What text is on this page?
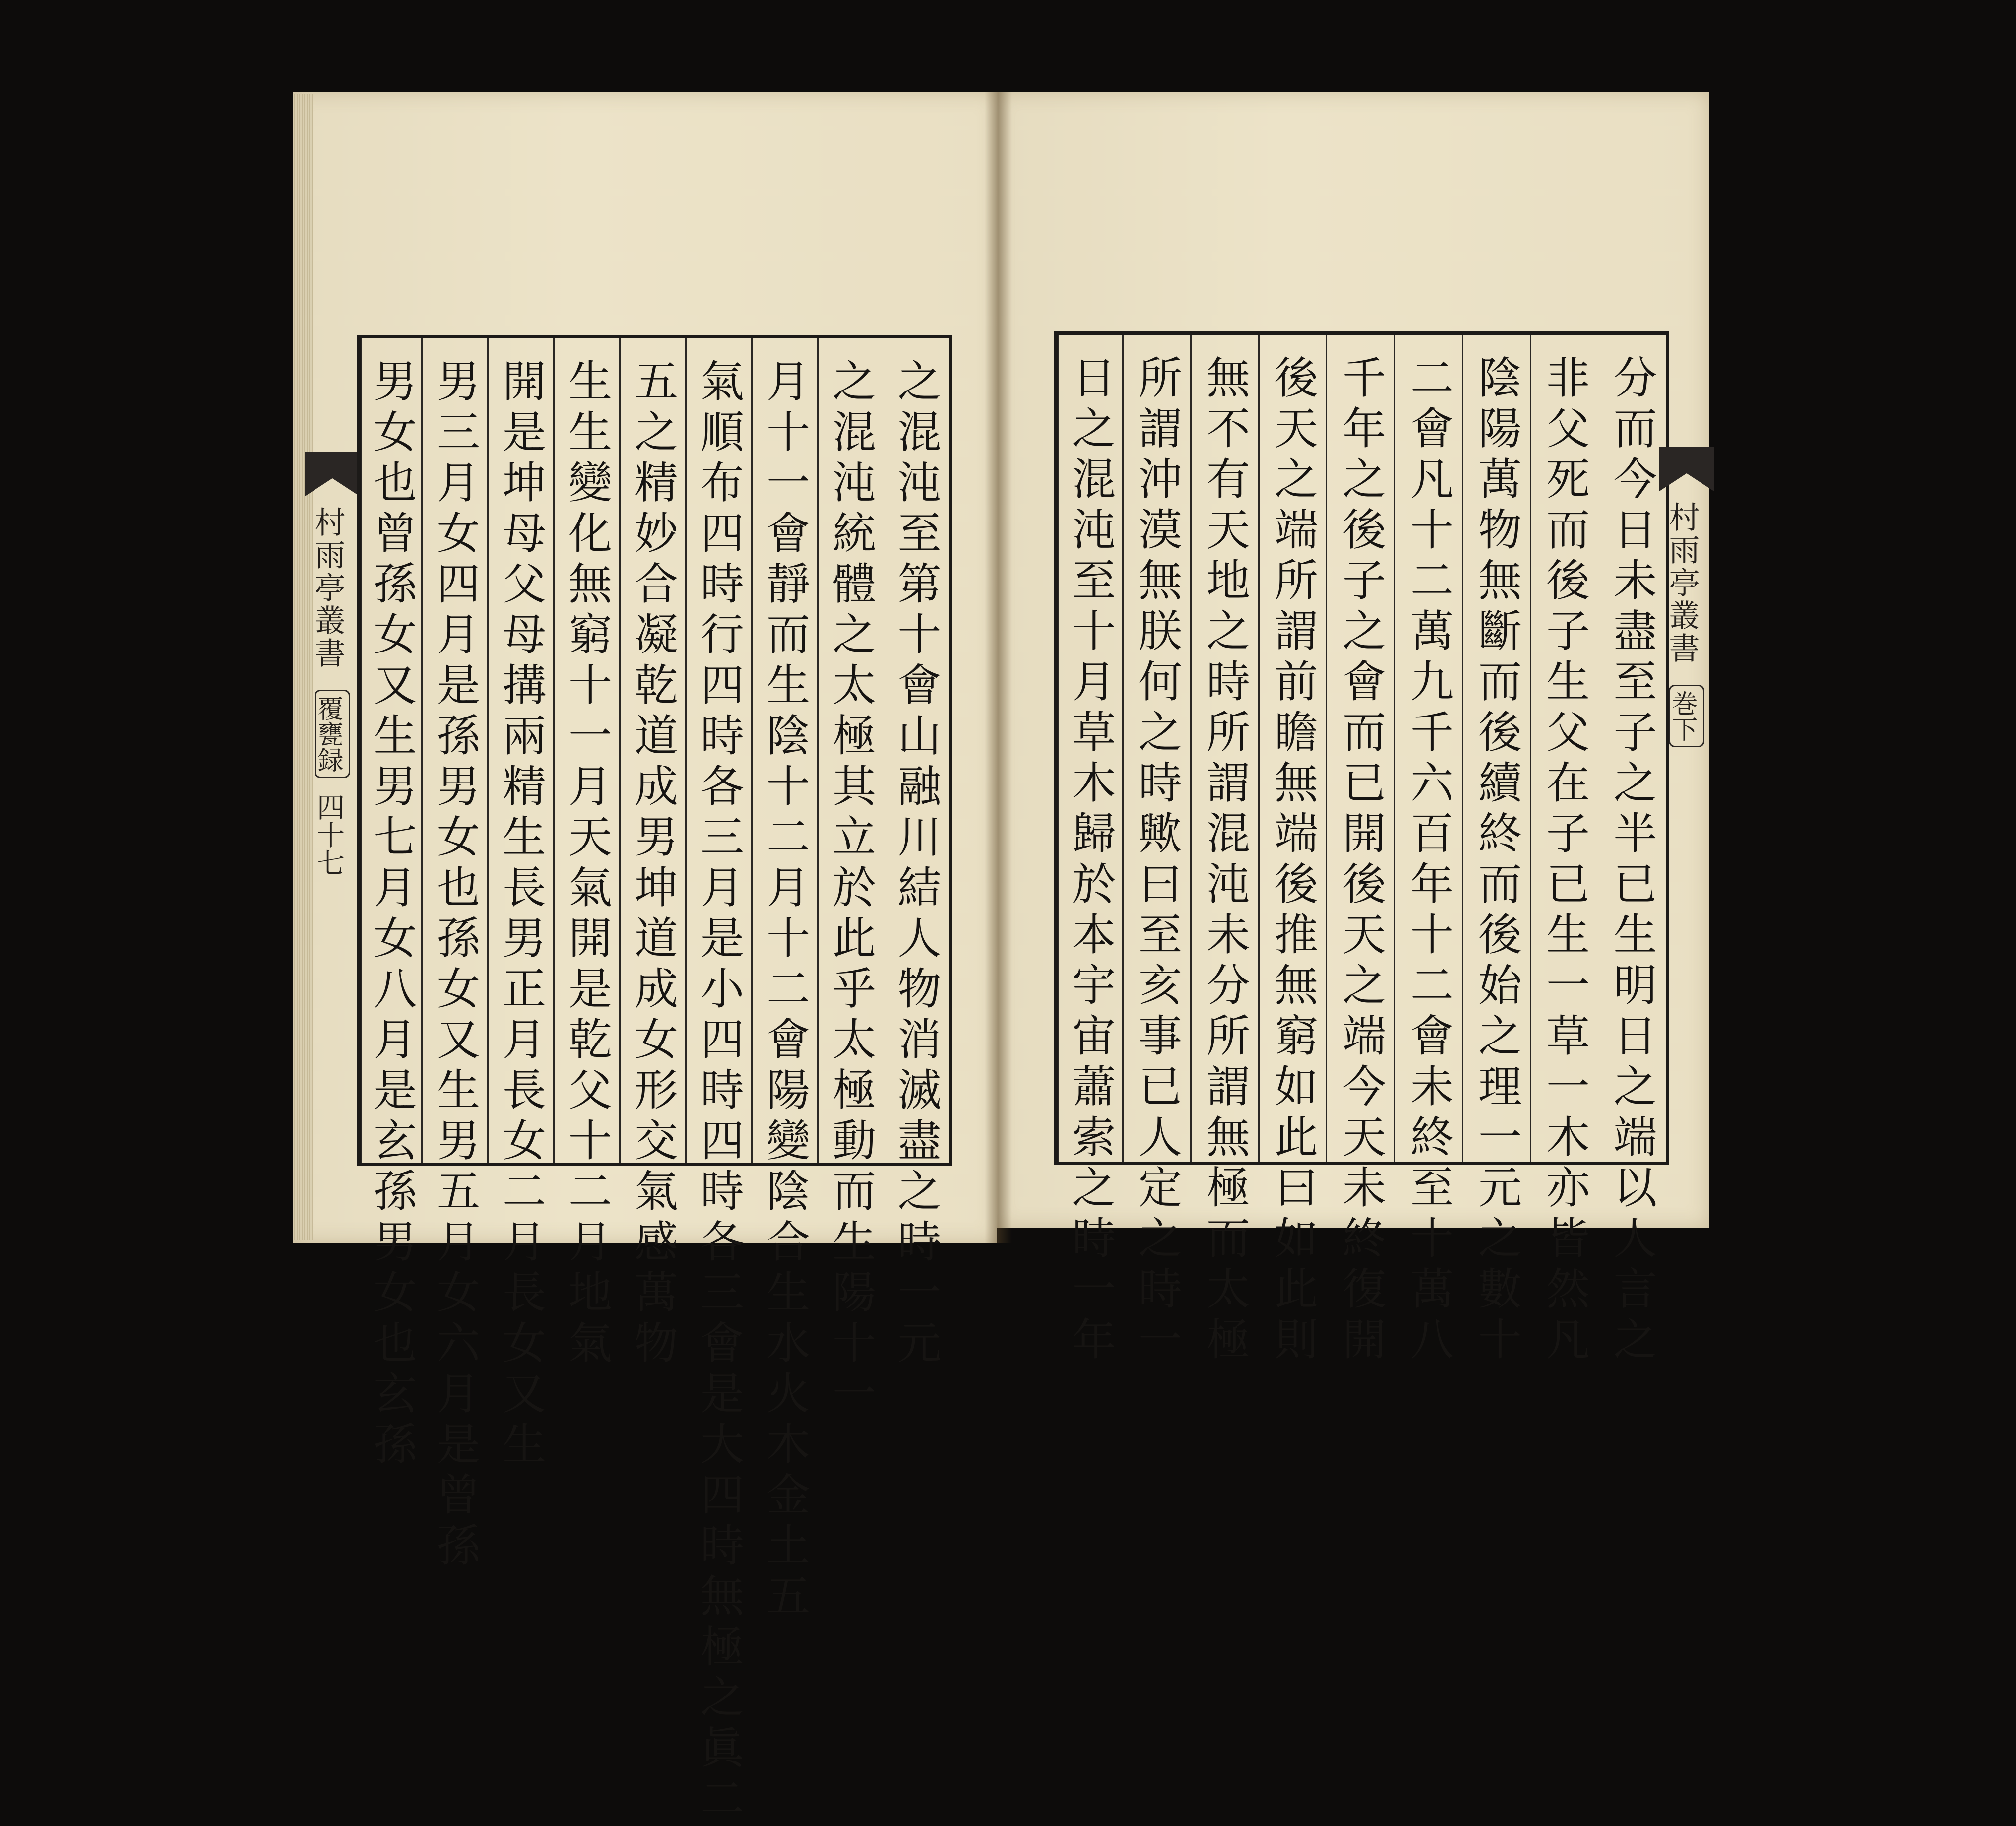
村雨亭叢書
覆甕録
四十七	之混沌至第十會山融川結人物消滅盡之時一元
之混沌統體之太極其立於此乎太極動而生陽十一
月十一會靜而生陰十二月十二會陽變陰合生水火木金土五
氣順布四時行四時各三月是小四時四時各三會是大四時無極之眞二
五之精妙合凝乾道成男坤道成女形交氣感萬物
生生變化無窮十一月天氣開是乾父十二月地氣
開是坤母父母搆兩精生長男正月長女二月長女又生
男三月女四月是孫男女也孫女又生男五月女六月是曾孫
男女也曾孫女又生男七月女八月是玄孫男女也玄孫	分而今日未盡至子之半已生明日之端以人言之
非父死而後子生父在子已生一草一木亦皆然凡
陰陽萬物無斷而後續終而後始之理一元之數十
二會凡十二萬九千六百年十二會未終至十萬八
千年之後子之會而已開後天之端今天未終復開
後天之端所謂前瞻無端後推無窮如此曰如此則
無不有天地之時所謂混沌未分所謂無極而太極
所謂沖漠無朕何之時歟曰至亥事已人定之時一
日之混沌至十月草木歸於本宇宙蕭索之時一年	村雨亭叢書
巻下
